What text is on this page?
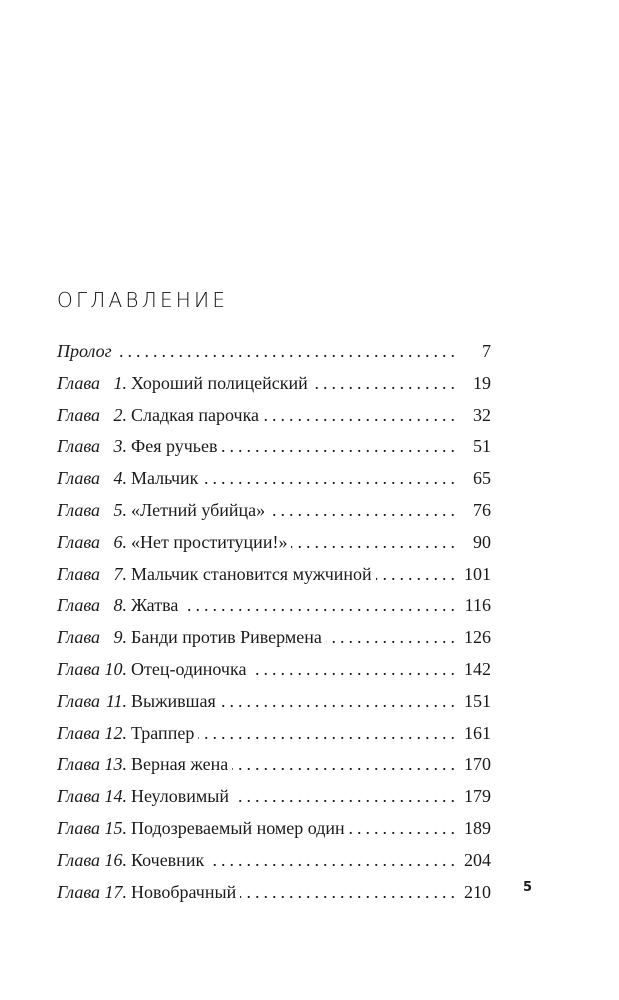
ОГЛАВЛЕНИЕ
Пролог . . .	7
Глава 1. Хороший полицейский . . .	19
Глава 2. Сладкая парочка . . .	32
Глава 3. Фея ручьев . . .	51
Глава 4. Мальчик . . .	65
Глава 5. «Летний убийца» . . .	76
Глава 6. «Нет проституции!» . . .	90
Глава 7. Мальчик становится мужчиной . . .	101
Глава 8. Жатва . . .	116
Глава 9. Банди против Ривермена . . .	126
Глава 10. Отец-одиночка . . .	142
Глава 11. Выжившая . . .	151
Глава 12. Траппер . . .	161
Глава 13. Верная жена . . .	170
Глава 14. Неуловимый . . .	179
Глава 15. Подозреваемый номер один . . .	189
Глава 16. Кочевник . . .	204
Глава 17. Новобрачный . . .	210 5
